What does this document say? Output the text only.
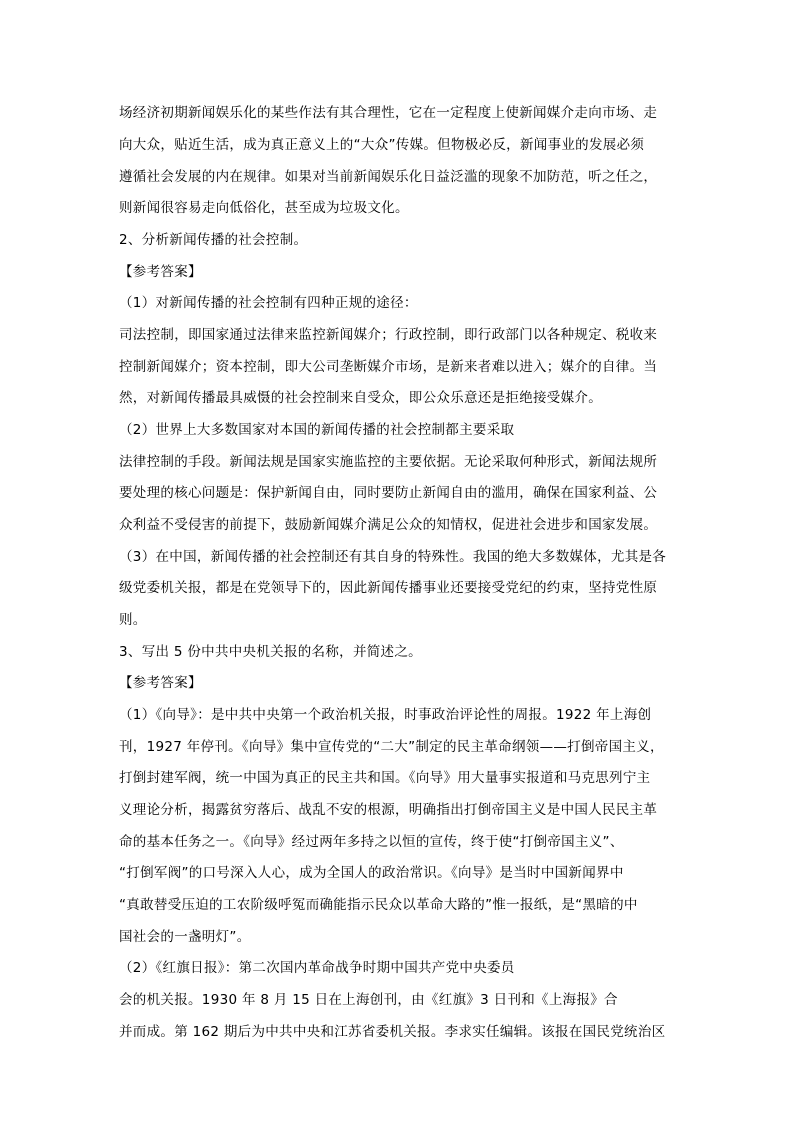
场经济初期新闻娱乐化的某些作法有其合理性，它在一定程度上使新闻媒介走向市场、走
向大众，贴近生活，成为真正意义上的“大众”传媒。但物极必反，新闻事业的发展必须
遵循社会发展的内在规律。如果对当前新闻娱乐化日益泛滥的现象不加防范，听之任之，
则新闻很容易走向低俗化，甚至成为垃圾文化。
2、分析新闻传播的社会控制。
【参考答案】
（1）对新闻传播的社会控制有四种正规的途径：
司法控制，即国家通过法律来监控新闻媒介；行政控制，即行政部门以各种规定、税收来
控制新闻媒介；资本控制，即大公司垄断媒介市场，是新来者难以进入；媒介的自律。当
然，对新闻传播最具威慑的社会控制来自受众，即公众乐意还是拒绝接受媒介。
（2）世界上大多数国家对本国的新闻传播的社会控制都主要采取
法律控制的手段。新闻法规是国家实施监控的主要依据。无论采取何种形式，新闻法规所
要处理的核心问题是：保护新闻自由，同时要防止新闻自由的滥用，确保在国家利益、公
众利益不受侵害的前提下，鼓励新闻媒介满足公众的知情权，促进社会进步和国家发展。
（3）在中国，新闻传播的社会控制还有其自身的特殊性。我国的绝大多数媒体，尤其是各
级党委机关报，都是在党领导下的，因此新闻传播事业还要接受党纪的约束，坚持党性原
则。
3、写出 5 份中共中央机关报的名称，并简述之。
【参考答案】
（1）《向导》：是中共中央第一个政治机关报，时事政治评论性的周报。1922 年上海创
刊，1927 年停刊。《向导》集中宣传党的“二大”制定的民主革命纲领——打倒帝国主义，
打倒封建军阀，统一中国为真正的民主共和国。《向导》用大量事实报道和马克思列宁主
义理论分析，揭露贫穷落后、战乱不安的根源，明确指出打倒帝国主义是中国人民民主革
命的基本任务之一。《向导》经过两年多持之以恒的宣传，终于使“打倒帝国主义”、
“打倒军阀”的口号深入人心，成为全国人的政治常识。《向导》是当时中国新闻界中
“真敢替受压迫的工农阶级呼冤而确能指示民众以革命大路的”惟一报纸，是“黑暗的中
国社会的一盏明灯”。
（2）《红旗日报》：第二次国内革命战争时期中国共产党中央委员
会的机关报。1930 年 8 月 15 日在上海创刊，由《红旗》3 日刊和《上海报》合
并而成。第 162 期后为中共中央和江苏省委机关报。李求实任编辑。该报在国民党统治区
